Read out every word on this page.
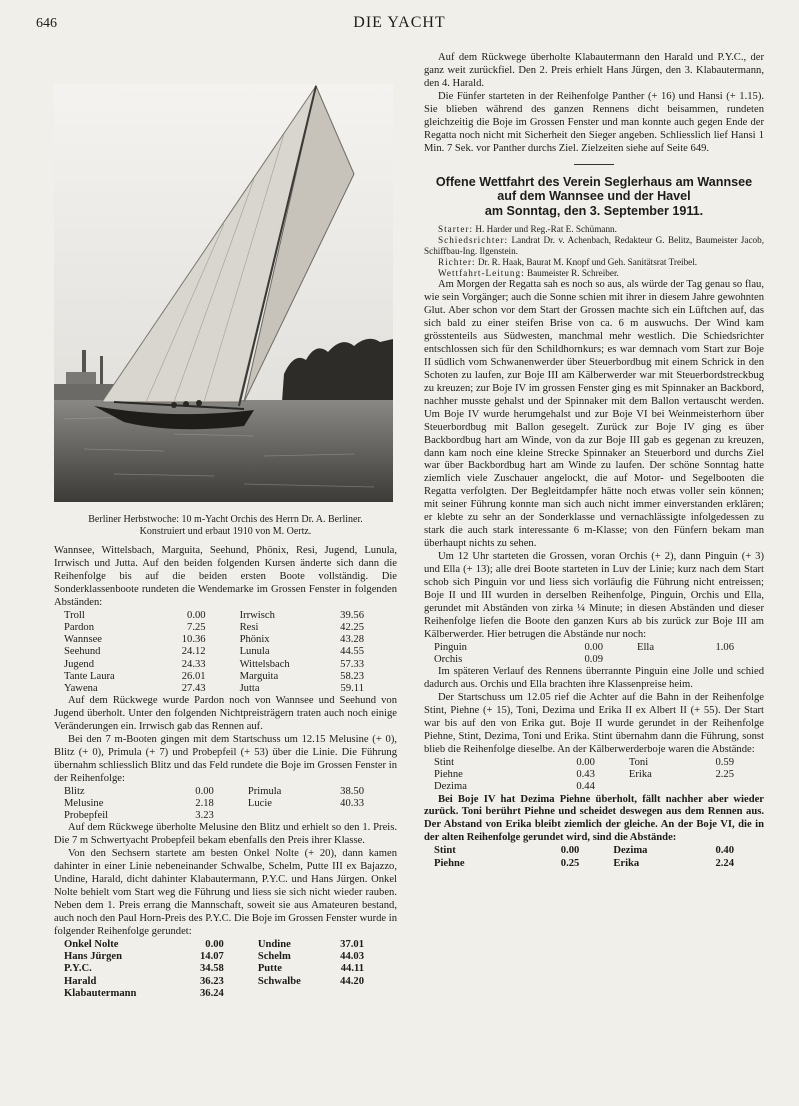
646	DIE YACHT
Berliner Herbstwoche: 10 m-Yacht Orchis des Herrn Dr. A. Berliner.
Konstruiert und erbaut 1910 von M. Oertz.

Wannsee, Wittelsbach, Marguita, Seehund, Phönix, Resi, Jugend, Lunula, Irrwisch und Jutta. Auf den beiden folgenden Kursen änderte sich dann die Reihenfolge bis auf die beiden ersten Boote vollständig. Die Sonderklassenboote rundeten die Wendemarke im Grossen Fenster in folgenden Abständen:

Troll	0.00	Irrwisch	39.56
Pardon	7.25	Resi	42.25
Wannsee	10.36	Phönix	43.28
Seehund	24.12	Lunula	44.55
Jugend	24.33	Wittelsbach	57.33
Tante Laura	26.01	Marguita	58.23
Yawena	27.43	Jutta	59.11

Auf dem Rückwege wurde Pardon noch von Wannsee und Seehund von Jugend überholt. Unter den folgenden Nichtpreisträgern traten auch noch einige Veränderungen ein. Irrwisch gab das Rennen auf.

Bei den 7 m-Booten gingen mit dem Startschuss um 12.15 Melusine (+ 0), Blitz (+ 0), Primula (+ 7) und Probepfeil (+ 53) über die Linie. Die Führung übernahm schliesslich Blitz und das Feld rundete die Boje im Grossen Fenster in der Reihenfolge:

Blitz	0.00	Primula	38.50
Melusine	2.18	Lucie	40.33
Probepfeil	3.23		

Auf dem Rückwege überholte Melusine den Blitz und erhielt so den 1. Preis. Die 7 m Schwertyacht Probepfeil bekam ebenfalls den Preis ihrer Klasse.

Von den Sechsern startete am besten Onkel Nolte (+ 20), dann kamen dahinter in einer Linie nebeneinander Schwalbe, Schelm, Putte III ex Bajazzo, Undine, Harald, dicht dahinter Klabautermann, P.Y.C. und Hans Jürgen. Onkel Nolte behielt vom Start weg die Führung und liess sie sich nicht wieder rauben. Neben dem 1. Preis errang die Mannschaft, soweit sie aus Amateuren bestand, auch noch den Paul Horn-Preis des P.Y.C. Die Boje im Grossen Fenster wurde in folgender Reihenfolge gerundet:

Onkel Nolte	0.00	Undine	37.01
Hans Jürgen	14.07	Schelm	44.03
P.Y.C.	34.58	Putte	44.11
Harald	36.23	Schwalbe	44.20
Klabautermann	36.24		

Auf dem Rückwege überholte Klabautermann den Harald und P.Y.C., der ganz weit zurückfiel. Den 2. Preis erhielt Hans Jürgen, den 3. Klabautermann, den 4. Harald.

Die Fünfer starteten in der Reihenfolge Panther (+ 16) und Hansi (+ 1.15). Sie blieben während des ganzen Rennens dicht beisammen, rundeten gleichzeitig die Boje im Grossen Fenster und man konnte auch gegen Ende der Regatta noch nicht mit Sicherheit den Sieger angeben. Schliesslich lief Hansi 1 Min. 7 Sek. vor Panther durchs Ziel. Zielzeiten siehe auf Seite 649.

Offene Wettfahrt des Verein Seglerhaus am Wannsee
auf dem Wannsee und der Havel
am Sonntag, den 3. September 1911.

Starter: H. Harder und Reg.-Rat E. Schümann.

Schiedsrichter: Landrat Dr. v. Achenbach, Redakteur G. Belitz, Baumeister Jacob, Schiffbau-Ing. Ilgenstein.

Richter: Dr. R. Haak, Baurat M. Knopf und Geh. Sanitätsrat Treibel.

Wettfahrt-Leitung: Baumeister R. Schreiber.

Am Morgen der Regatta sah es noch so aus, als würde der Tag genau so flau, wie sein Vorgänger; auch die Sonne schien mit ihrer in diesem Jahre gewohnten Glut. Aber schon vor dem Start der Grossen machte sich ein Lüftchen auf, das sich bald zu einer steifen Brise von ca. 6 m auswuchs. Der Wind kam grösstenteils aus Südwesten, manchmal mehr westlich. Die Schiedsrichter entschlossen sich für den Schildhornkurs; es war demnach vom Start zur Boje II südlich vom Schwanenwerder über Steuerbordbug mit einem Schrick in den Schoten zu laufen, zur Boje III am Kälberwerder war mit Steuerbordstreckbug zu kreuzen; zur Boje IV im grossen Fenster ging es mit Spinnaker an Backbord, nachher musste gehalst und der Spinnaker mit dem Ballon vertauscht werden. Um Boje IV wurde herumgehalst und zur Boje VI bei Weinmeisterhorn über Steuerbordbug mit Ballon gesegelt. Zurück zur Boje IV ging es über Backbordbug hart am Winde, von da zur Boje III gab es gegenan zu kreuzen, dann kam noch eine kleine Strecke Spinnaker an Steuerbord und durchs Ziel war über Backbordbug hart am Winde zu laufen. Der schöne Sonntag hatte ziemlich viele Zuschauer angelockt, die auf Motor- und Segelbooten die Regatta verfolgten. Der Begleitdampfer hätte noch etwas voller sein können; mit seiner Führung konnte man sich auch nicht immer einverstanden erklären; er klebte zu sehr an der Sonderklasse und vernachlässigte infolgedessen zu stark die auch stark interessante 6 m-Klasse; von den Fünfern bekam man überhaupt nichts zu sehen.

Um 12 Uhr starteten die Grossen, voran Orchis (+ 2), dann Pinguin (+ 3) und Ella (+ 13); alle drei Boote starteten in Luv der Linie; kurz nach dem Start schob sich Pinguin vor und liess sich vorläufig die Führung nicht entreissen; Boje II und III wurden in derselben Reihenfolge, Pinguin, Orchis und Ella, gerundet mit Abständen von zirka ¼ Minute; in diesen Abständen und dieser Reihenfolge liefen die Boote den ganzen Kurs ab bis zurück zur Boje III am Kälberwerder. Hier betrugen die Abstände nur noch:

Pinguin	0.00	Ella	1.06
Orchis	0.09		

Im späteren Verlauf des Rennens überrannte Pinguin eine Jolle und schied dadurch aus. Orchis und Ella brachten ihre Klassenpreise heim.

Der Startschuss um 12.05 rief die Achter auf die Bahn in der Reihenfolge Stint, Piehne (+ 15), Toni, Dezima und Erika II ex Albert II (+ 55). Der Start war bis auf den von Erika gut. Boje II wurde gerundet in der Reihenfolge Piehne, Stint, Dezima, Toni und Erika. Stint übernahm dann die Führung, sonst blieb die Reihenfolge dieselbe. An der Kälberwerderboje waren die Abstände:

Stint	0.00	Toni	0.59
Piehne	0.43	Erika	2.25
Dezima	0.44		

Bei Boje IV hat Dezima Piehne überholt, fällt nachher aber wieder zurück. Toni berührt Piehne und scheidet deswegen aus dem Rennen aus. Der Abstand von Erika bleibt ziemlich der gleiche. An der Boje VI, die in der alten Reihenfolge gerundet wird, sind die Abstände:

Stint	0.00	Dezima	0.40
Piehne	0.25	Erika	2.24
